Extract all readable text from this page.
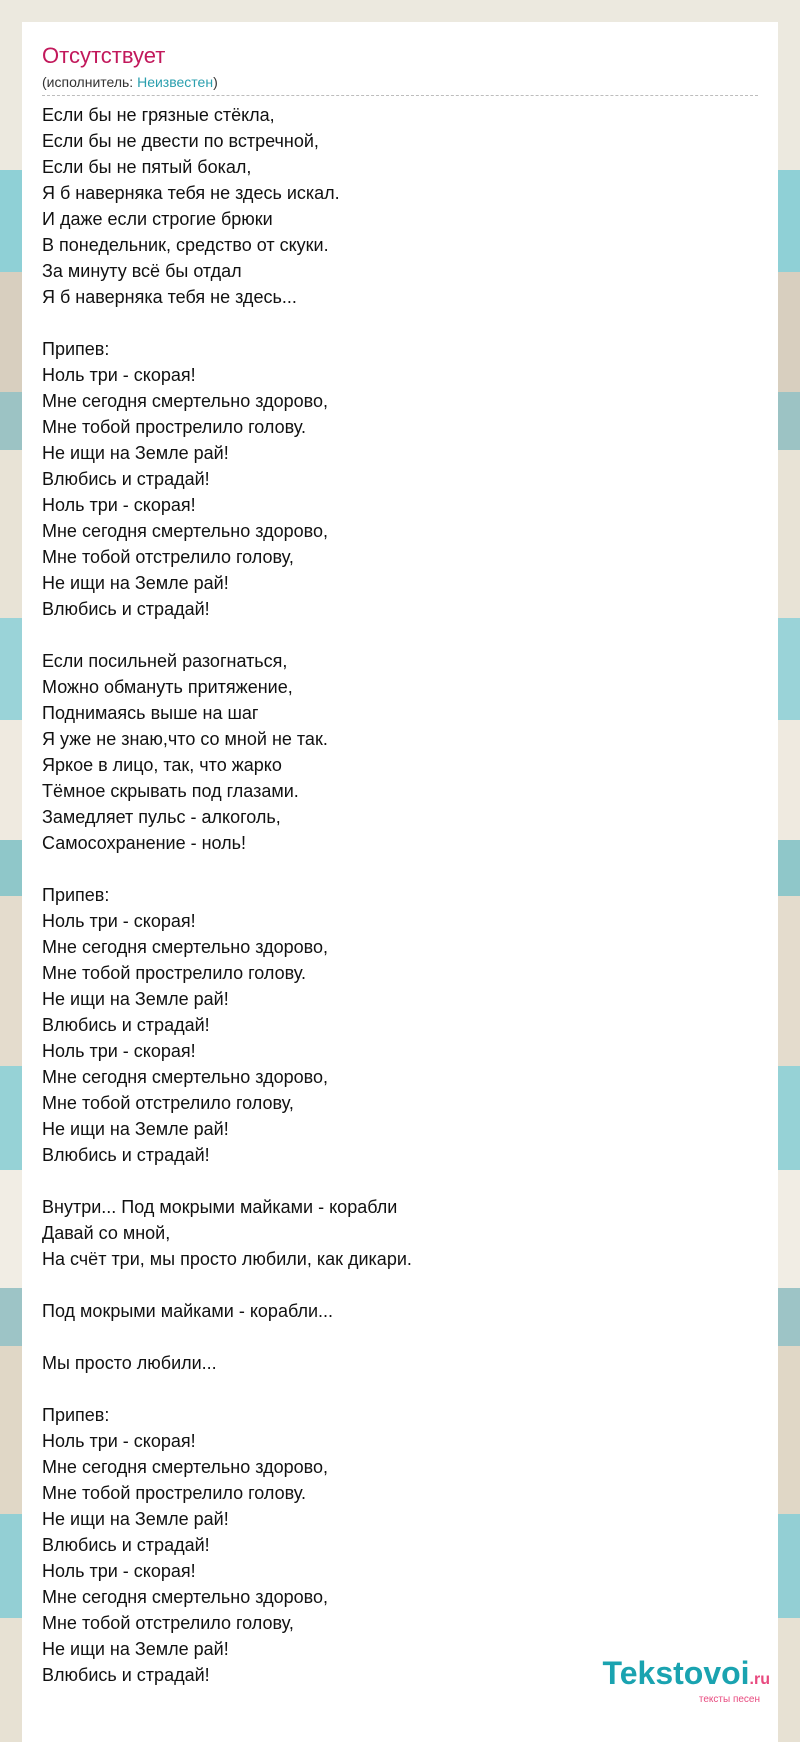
Отсутствует
(исполнитель: Неизвестен)
Если бы не грязные стёкла,
Если бы не двести по встречной,
Если бы не пятый бокал,
Я б наверняка тебя не здесь искал.
И даже если строгие брюки
В понедельник, средство от скуки.
За минуту всё бы отдал
Я б наверняка тебя не здесь...
Припев:
Ноль три - скорая!
Мне сегодня смертельно здорово,
Мне тобой прострелило голову.
Не ищи на Земле рай!
Влюбись и страдай!
Ноль три - скорая!
Мне сегодня смертельно здорово,
Мне тобой отстрелило голову,
Не ищи на Земле рай!
Влюбись и страдай!
Если посильней разогнаться,
Можно обмануть притяжение,
Поднимаясь выше на шаг
Я уже не знаю,что со мной не так.
Яркое в лицо, так, что жарко
Тёмное скрывать под глазами.
Замедляет пульс - алкоголь,
Самосохранение - ноль!
Припев:
Ноль три - скорая!
Мне сегодня смертельно здорово,
Мне тобой прострелило голову.
Не ищи на Земле рай!
Влюбись и страдай!
Ноль три - скорая!
Мне сегодня смертельно здорово,
Мне тобой отстрелило голову,
Не ищи на Земле рай!
Влюбись и страдай!
Внутри... Под мокрыми майками - корабли
Давай со мной,
На счёт три, мы просто любили, как дикари.
Под мокрыми майками - корабли...
Мы просто любили...
Припев:
Ноль три - скорая!
Мне сегодня смертельно здорово,
Мне тобой прострелило голову.
Не ищи на Земле рай!
Влюбись и страдай!
Ноль три - скорая!
Мне сегодня смертельно здорово,
Мне тобой отстрелило голову,
Не ищи на Земле рай!
Влюбись и страдай!	Tekstovoi.ru
тексты песен
